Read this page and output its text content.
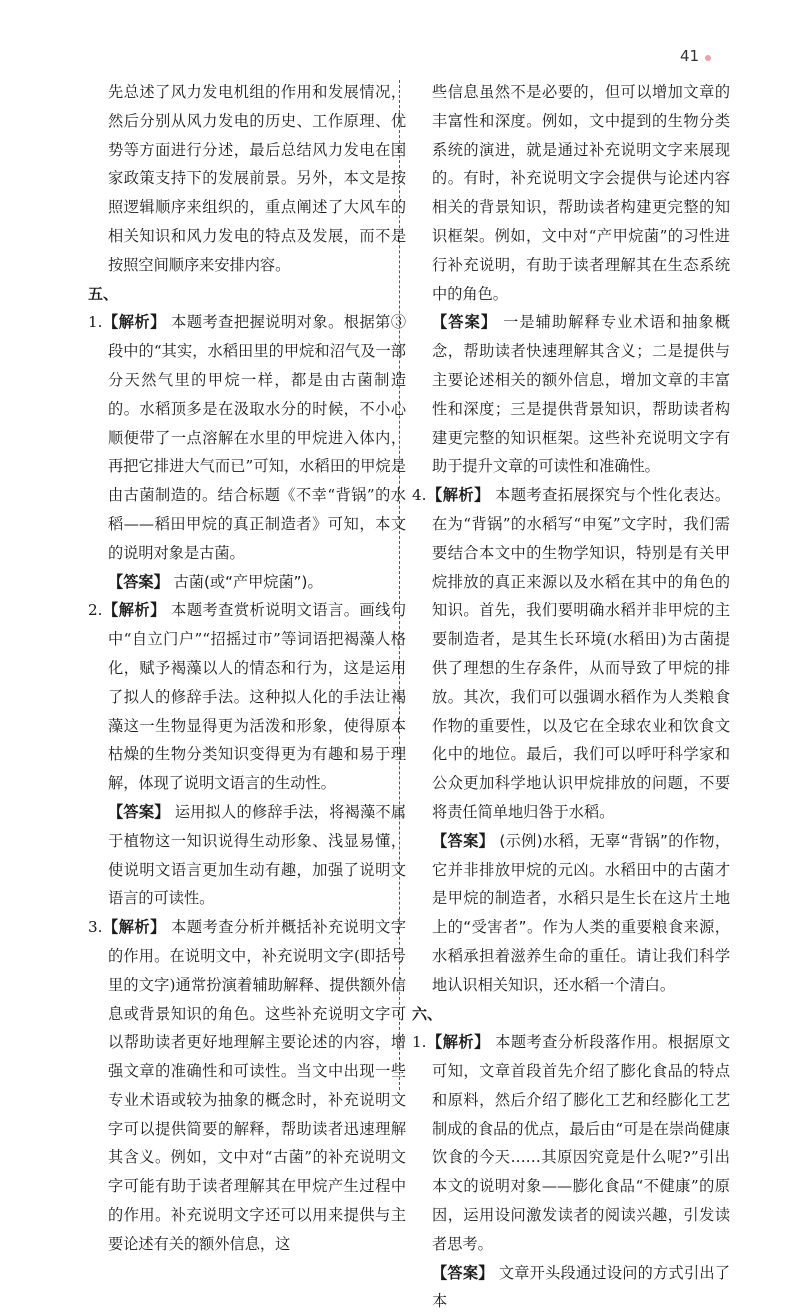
41

先总述了风力发电机组的作用和发展情况，然后分别从风力发电的历史、工作原理、优势等方面进行分述，最后总结风力发电在国家政策支持下的发展前景。另外，本文是按照逻辑顺序来组织的，重点阐述了大风车的相关知识和风力发电的特点及发展，而不是按照空间顺序来安排内容。

五、

1.【解析】 本题考查把握说明对象。根据第③段中的“其实，水稻田里的甲烷和沼气及一部分天然气里的甲烷一样，都是由古菌制造的。水稻顶多是在汲取水分的时候，不小心顺便带了一点溶解在水里的甲烷进入体内，再把它排进大气而已”可知，水稻田的甲烷是由古菌制造的。结合标题《不幸“背锅”的水稻——稻田甲烷的真正制造者》可知，本文的说明对象是古菌。

【答案】 古菌(或“产甲烷菌”)。

2.【解析】 本题考查赏析说明文语言。画线句中“自立门户”“招摇过市”等词语把褐藻人格化，赋予褐藻以人的情态和行为，这是运用了拟人的修辞手法。这种拟人化的手法让褐藻这一生物显得更为活泼和形象，使得原本枯燥的生物分类知识变得更为有趣和易于理解，体现了说明文语言的生动性。

【答案】 运用拟人的修辞手法，将褐藻不属于植物这一知识说得生动形象、浅显易懂，使说明文语言更加生动有趣，加强了说明文语言的可读性。

3.【解析】 本题考查分析并概括补充说明文字的作用。在说明文中，补充说明文字(即括号里的文字)通常扮演着辅助解释、提供额外信息或背景知识的角色。这些补充说明文字可以帮助读者更好地理解主要论述的内容，增强文章的准确性和可读性。当文中出现一些专业术语或较为抽象的概念时，补充说明文字可以提供简要的解释，帮助读者迅速理解其含义。例如，文中对“古菌”的补充说明文字可能有助于读者理解其在甲烷产生过程中的作用。补充说明文字还可以用来提供与主要论述有关的额外信息，这

些信息虽然不是必要的，但可以增加文章的丰富性和深度。例如，文中提到的生物分类系统的演进，就是通过补充说明文字来展现的。有时，补充说明文字会提供与论述内容相关的背景知识，帮助读者构建更完整的知识框架。例如，文中对“产甲烷菌”的习性进行补充说明，有助于读者理解其在生态系统中的角色。

【答案】 一是辅助解释专业术语和抽象概念，帮助读者快速理解其含义；二是提供与主要论述相关的额外信息，增加文章的丰富性和深度；三是提供背景知识，帮助读者构建更完整的知识框架。这些补充说明文字有助于提升文章的可读性和准确性。

4.【解析】 本题考查拓展探究与个性化表达。在为“背锅”的水稻写“申冤”文字时，我们需要结合本文中的生物学知识，特别是有关甲烷排放的真正来源以及水稻在其中的角色的知识。首先，我们要明确水稻并非甲烷的主要制造者，是其生长环境(水稻田)为古菌提供了理想的生存条件，从而导致了甲烷的排放。其次，我们可以强调水稻作为人类粮食作物的重要性，以及它在全球农业和饮食文化中的地位。最后，我们可以呼吁科学家和公众更加科学地认识甲烷排放的问题，不要将责任简单地归咎于水稻。

【答案】 (示例)水稻，无辜“背锅”的作物，它并非排放甲烷的元凶。水稻田中的古菌才是甲烷的制造者，水稻只是生长在这片土地上的“受害者”。作为人类的重要粮食来源，水稻承担着滋养生命的重任。请让我们科学地认识相关知识，还水稻一个清白。

六、

1.【解析】 本题考查分析段落作用。根据原文可知，文章首段首先介绍了膨化食品的特点和原料，然后介绍了膨化工艺和经膨化工艺制成的食品的优点，最后由“可是在崇尚健康饮食的今天……其原因究竟是什么呢?”引出本文的说明对象——膨化食品“不健康”的原因，运用设问激发读者的阅读兴趣，引发读者思考。

【答案】 文章开头段通过设问的方式引出了本
